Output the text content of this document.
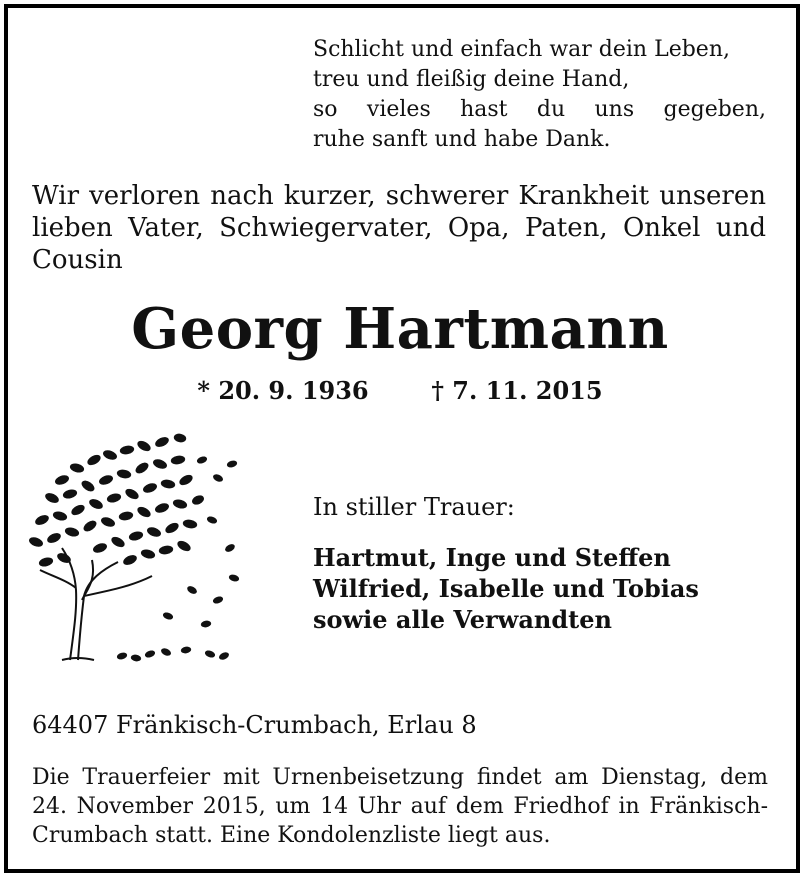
Schlicht und einfach war dein Leben,
treu und fleißig deine Hand,
so vieles hast du uns gegeben,
ruhe sanft und habe Dank.
Wir verloren nach kurzer, schwerer Krankheit unseren lieben Vater, Schwiegervater, Opa, Paten, Onkel und Cousin
Georg Hartmann
* 20. 9. 1936	† 7. 11. 2015
In stiller Trauer:
Hartmut, Inge und Steffen
Wilfried, Isabelle und Tobias
sowie alle Verwandten
64407 Fränkisch-Crumbach, Erlau 8
Die Trauerfeier mit Urnenbeisetzung findet am Dienstag, dem 24. November 2015, um 14 Uhr auf dem Friedhof in Fränkisch-Crumbach statt. Eine Kondolenzliste liegt aus.
